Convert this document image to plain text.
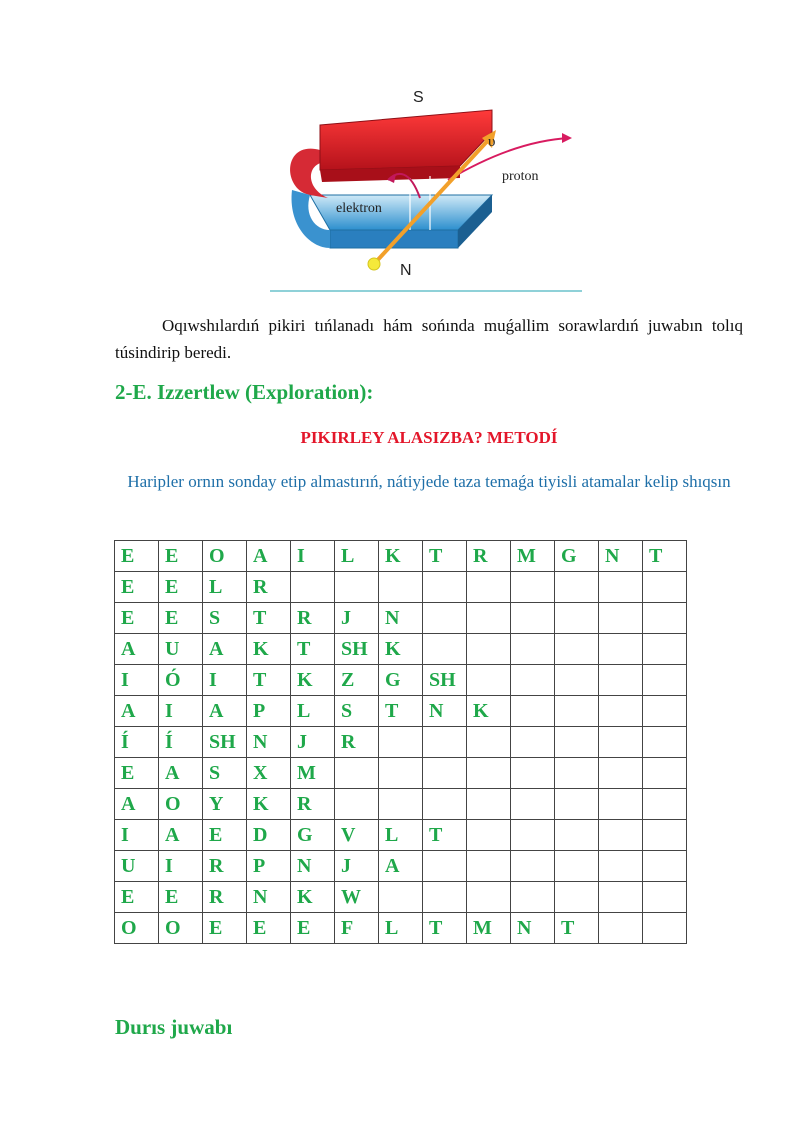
S
N
υ
proton
elektron

Oqıwshılardıń pikiri tıńlanadı hám sońında muǵallim sorawlardıń juwabın tolıq túsindirip beredi.

2-E. Izzertlew (Exploration):

PIKIRLEY ALASIZBA? METODÍ

Haripler ornın sonday etip almastırıń, nátiyjede taza temaǵa tiyisli atamalar kelip shıqsın

E	E	O	A	I	L	K	T	R	M	G	N	T
E	E	L	R									
E	E	S	T	R	J	N						
A	U	A	K	T	SH	K						
I	Ó	I	T	K	Z	G	SH					
A	I	A	P	L	S	T	N	K				
Í	Í	SH	N	J	R							
E	A	S	X	M								
A	O	Y	K	R								
I	A	E	D	G	V	L	T					
U	I	R	P	N	J	A						
E	E	R	N	K	W							
O	O	E	E	E	F	L	T	M	N	T		
Durıs juwabı
